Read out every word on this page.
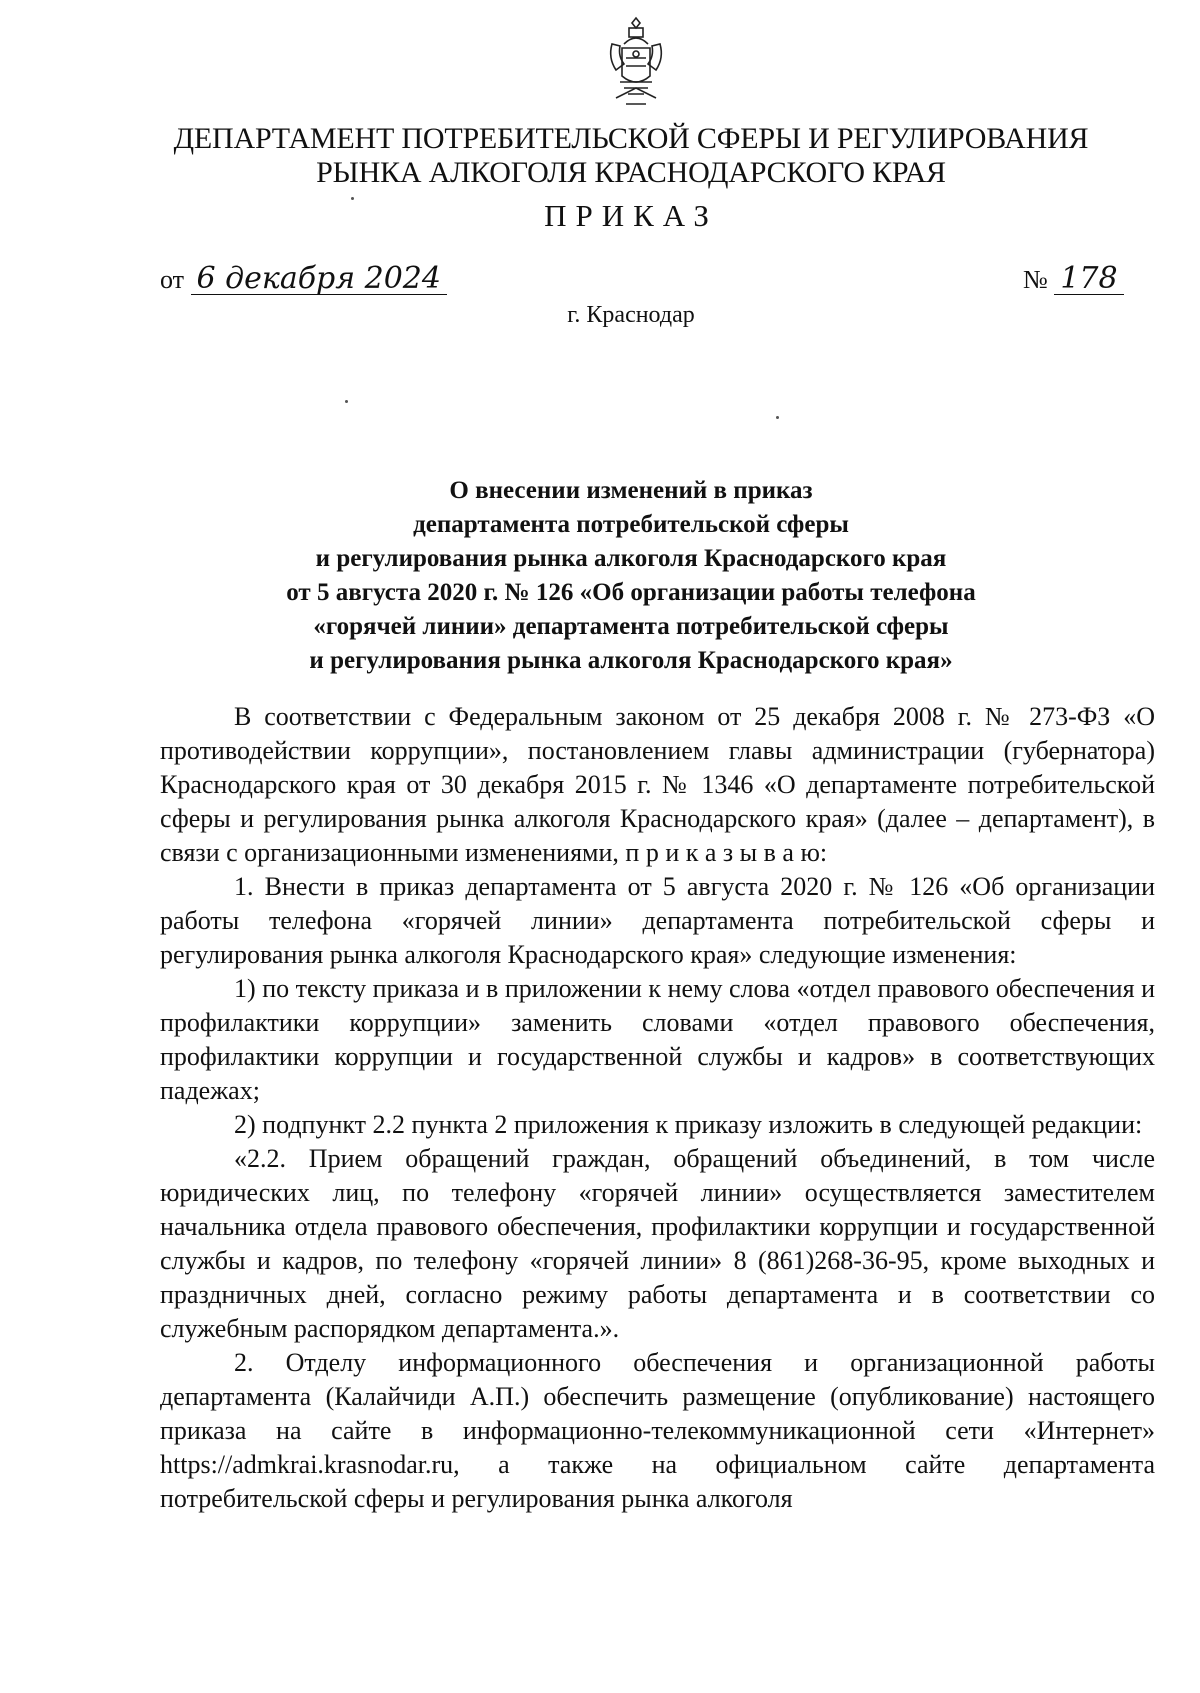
ДЕПАРТАМЕНТ ПОТРЕБИТЕЛЬСКОЙ СФЕРЫ И РЕГУЛИРОВАНИЯ
РЫНКА АЛКОГОЛЯ КРАСНОДАРСКОГО КРАЯ
ПРИКАЗ
от 6 декабря 2024	№ 178
г. Краснодар
О внесении изменений в приказ
департамента потребительской сферы
и регулирования рынка алкоголя Краснодарского края
от 5 августа 2020 г. № 126 «Об организации работы телефона
«горячей линии» департамента потребительской сферы
и регулирования рынка алкоголя Краснодарского края»

В соответствии с Федеральным законом от 25 декабря 2008 г. № 273-ФЗ «О противодействии коррупции», постановлением главы администрации (губернатора) Краснодарского края от 30 декабря 2015 г. № 1346 «О департаменте потребительской сферы и регулирования рынка алкоголя Краснодарского края» (далее – департамент), в связи с организационными изменениями, п р и к а з ы в а ю:

1. Внести в приказ департамента от 5 августа 2020 г. № 126 «Об организации работы телефона «горячей линии» департамента потребительской сферы и регулирования рынка алкоголя Краснодарского края» следующие изменения:

1) по тексту приказа и в приложении к нему слова «отдел правового обеспечения и профилактики коррупции» заменить словами «отдел правового обеспечения, профилактики коррупции и государственной службы и кадров» в соответствующих падежах;

2) подпункт 2.2 пункта 2 приложения к приказу изложить в следующей редакции:

«2.2. Прием обращений граждан, обращений объединений, в том числе юридических лиц, по телефону «горячей линии» осуществляется заместителем начальника отдела правового обеспечения, профилактики коррупции и государственной службы и кадров, по телефону «горячей линии» 8 (861)268-36-95, кроме выходных и праздничных дней, согласно режиму работы департамента и в соответствии со служебным распорядком департамента.».

2. Отделу информационного обеспечения и организационной работы департамента (Калайчиди А.П.) обеспечить размещение (опубликование) настоящего приказа на сайте в информационно-телекоммуникационной сети «Интернет» https://admkrai.krasnodar.ru, а также на официальном сайте департамента потребительской сферы и регулирования рынка алкоголя
